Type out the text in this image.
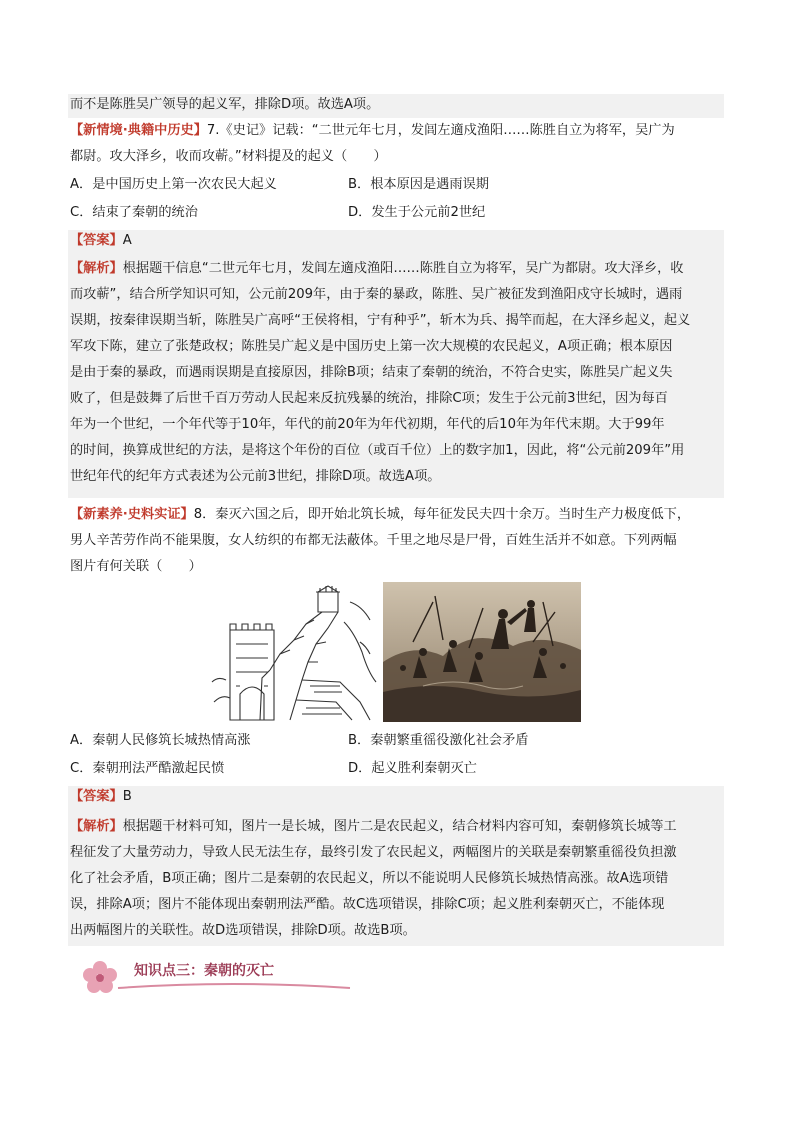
而不是陈胜吴广领导的起义军，排除D项。故选A项。
【新情境·典籍中历史】7.《史记》记载：“二世元年七月，发闾左適戍渔阳……陈胜自立为将军，吴广为
都尉。攻大泽乡，收而攻蕲。”材料提及的起义（　　）
A．是中国历史上第一次农民大起义	B．根本原因是遇雨误期
C．结束了秦朝的统治	D．发生于公元前2世纪
【答案】A
【解析】根据题干信息“二世元年七月，发闾左適戍渔阳……陈胜自立为将军，吴广为都尉。攻大泽乡，收
而攻蕲”，结合所学知识可知，公元前209年，由于秦的暴政，陈胜、吴广被征发到渔阳戍守长城时，遇雨
误期，按秦律误期当斩，陈胜吴广高呼“王侯将相，宁有种乎”，斩木为兵、揭竿而起，在大泽乡起义，起义
军攻下陈，建立了张楚政权；陈胜吴广起义是中国历史上第一次大规模的农民起义，A项正确；根本原因
是由于秦的暴政，而遇雨误期是直接原因，排除B项；结束了秦朝的统治，不符合史实，陈胜吴广起义失
败了，但是鼓舞了后世千百万劳动人民起来反抗残暴的统治，排除C项；发生于公元前3世纪，因为每百
年为一个世纪，一个年代等于10年，年代的前20年为年代初期，年代的后10年为年代末期。大于99年
的时间，换算成世纪的方法，是将这个年份的百位（或百千位）上的数字加1，因此，将“公元前209年”用
世纪年代的纪年方式表述为公元前3世纪，排除D项。故选A项。
【新素养·史料实证】8．秦灭六国之后，即开始北筑长城，每年征发民夫四十余万。当时生产力极度低下，
男人辛苦劳作尚不能果腹，女人纺织的布都无法蔽体。千里之地尽是尸骨，百姓生活并不如意。下列两幅
图片有何关联（　　）
A．秦朝人民修筑长城热情高涨	B．秦朝繁重徭役激化社会矛盾
C．秦朝刑法严酷激起民愤	D．起义胜利秦朝灭亡
【答案】B
【解析】根据题干材料可知，图片一是长城，图片二是农民起义，结合材料内容可知，秦朝修筑长城等工
程征发了大量劳动力，导致人民无法生存，最终引发了农民起义，两幅图片的关联是秦朝繁重徭役负担激
化了社会矛盾，B项正确；图片二是秦朝的农民起义，所以不能说明人民修筑长城热情高涨。故A选项错
误，排除A项；图片不能体现出秦朝刑法严酷。故C选项错误，排除C项；起义胜利秦朝灭亡，不能体现
出两幅图片的关联性。故D选项错误，排除D项。故选B项。
知识点三：秦朝的灭亡
